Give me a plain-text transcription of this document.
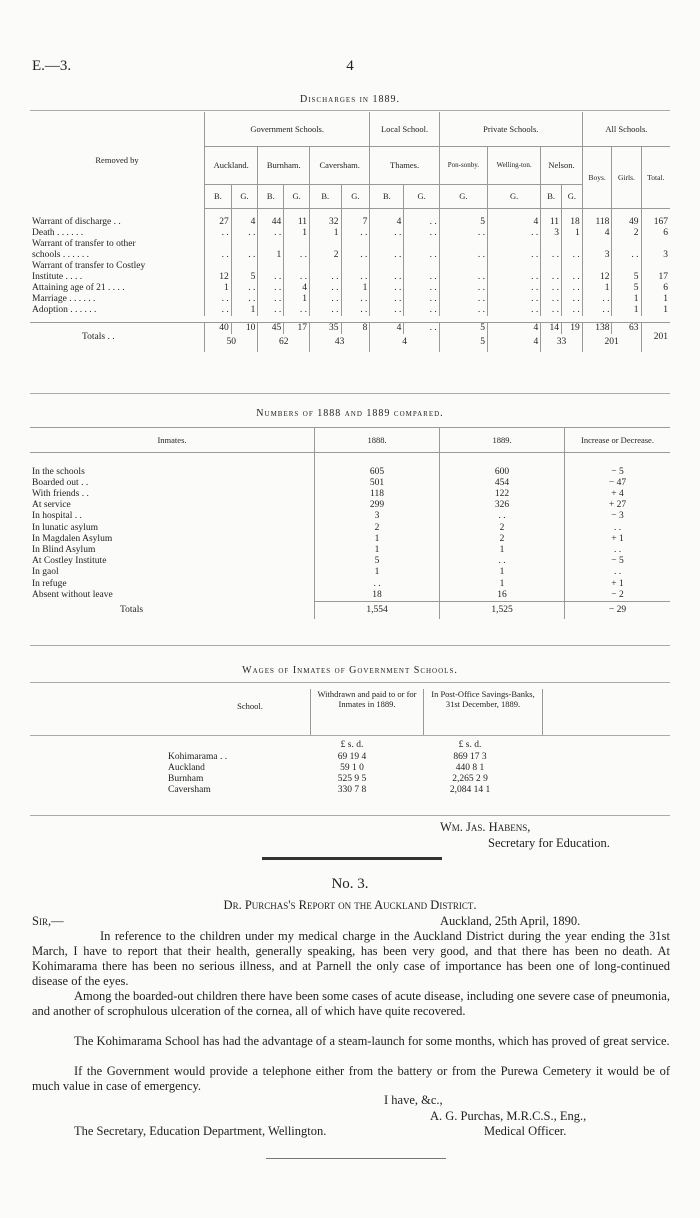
E.—3.	4
Discharges in 1889.
Removed by	Government Schools.						Local School.		Private Schools.				All Schools.		
	Auckland.		Burnham.		Caversham.		Thames.		Pon-sonby.	Welling-ton.	Nelson.		Boys.	Girls.	Total.
	B.	G.	B.	G.	B.	G.	B.	G.	G.	G.	B.	G.			
Warrant of discharge . .	27	4	44	11	32	7	4	. .	5	4	11	18	118	49	167
Death . . . . . .	. .	. .	. .	1	1	. .	. .	. .	. .	. .	3	1	4	2	6
Warrant of transfer to other															
schools . . . . . .	. .	. .	1	. .	2	. .	. .	. .	. .	. .	. .	. .	3	. .	3
Warrant of transfer to Costley															
Institute . . . .	12	5	. .	. .	. .	. .	. .	. .	. .	. .	. .	. .	12	5	17
Attaining age of 21 . . . .	1	. .	. .	4	. .	1	. .	. .	. .	. .	. .	. .	1	5	6
Marriage . . . . . .	. .	. .	. .	1	. .	. .	. .	. .	. .	. .	. .	. .	. .	1	1
Adoption . . . . . .	. .	1	. .	. .	. .	. .	. .	. .	. .	. .	. .	. .	. .	1	1

Totals . .	40	10	45	17	35	8	4	. .	5	4	14	19	138	63	201
	50		62		43		4		5	4	33		201		
Numbers of 1888 and 1889 compared.
Inmates.	1888.	1889.	Increase or Decrease.

In the schools	605	600	− 5
Boarded out . .	501	454	− 47
With friends . .	118	122	+ 4
At service	299	326	+ 27
In hospital . .	3	. .	− 3
In lunatic asylum	2	2	. .
In Magdalen Asylum	1	2	+ 1
In Blind Asylum	1	1	. .
At Costley Institute	5	. .	− 5
In gaol	1	1	. .
In refuge	. .	1	+ 1
Absent without leave	18	16	− 2
Totals	1,554	1,525	− 29
Wages of Inmates of Government Schools.
School.
Withdrawn and paid to or for Inmates in 1889.
In Post-Office Savings-Banks, 31st December, 1889.
£ s. d.	£ s. d.
Kohimarama . .	69 19 4	869 17 3
Auckland	59 1 0	440 8 1
Burnham	525 9 5	2,265 2 9
Caversham	330 7 8	2,084 14 1
Wm. Jas. Habens,
Secretary for Education.
No. 3.
Dr. Purchas's Report on the Auckland District.
Sir,—	Auckland, 25th April, 1890.
In reference to the children under my medical charge in the Auckland District during the year ending the 31st March, I have to report that their health, generally speaking, has been very good, and that there has been no death. At Kohimarama there has been no serious illness, and at Parnell the only case of importance has been one of long-continued disease of the eyes.
Among the boarded-out children there have been some cases of acute disease, including one severe case of pneumonia, and another of scrophulous ulceration of the cornea, all of which have quite recovered.
The Kohimarama School has had the advantage of a steam-launch for some months, which has proved of great service.
If the Government would provide a telephone either from the battery or from the Purewa Cemetery it would be of much value in case of emergency.
I have, &c.,
A. G. Purchas, M.R.C.S., Eng.,
Medical Officer.
The Secretary, Education Department, Wellington.
